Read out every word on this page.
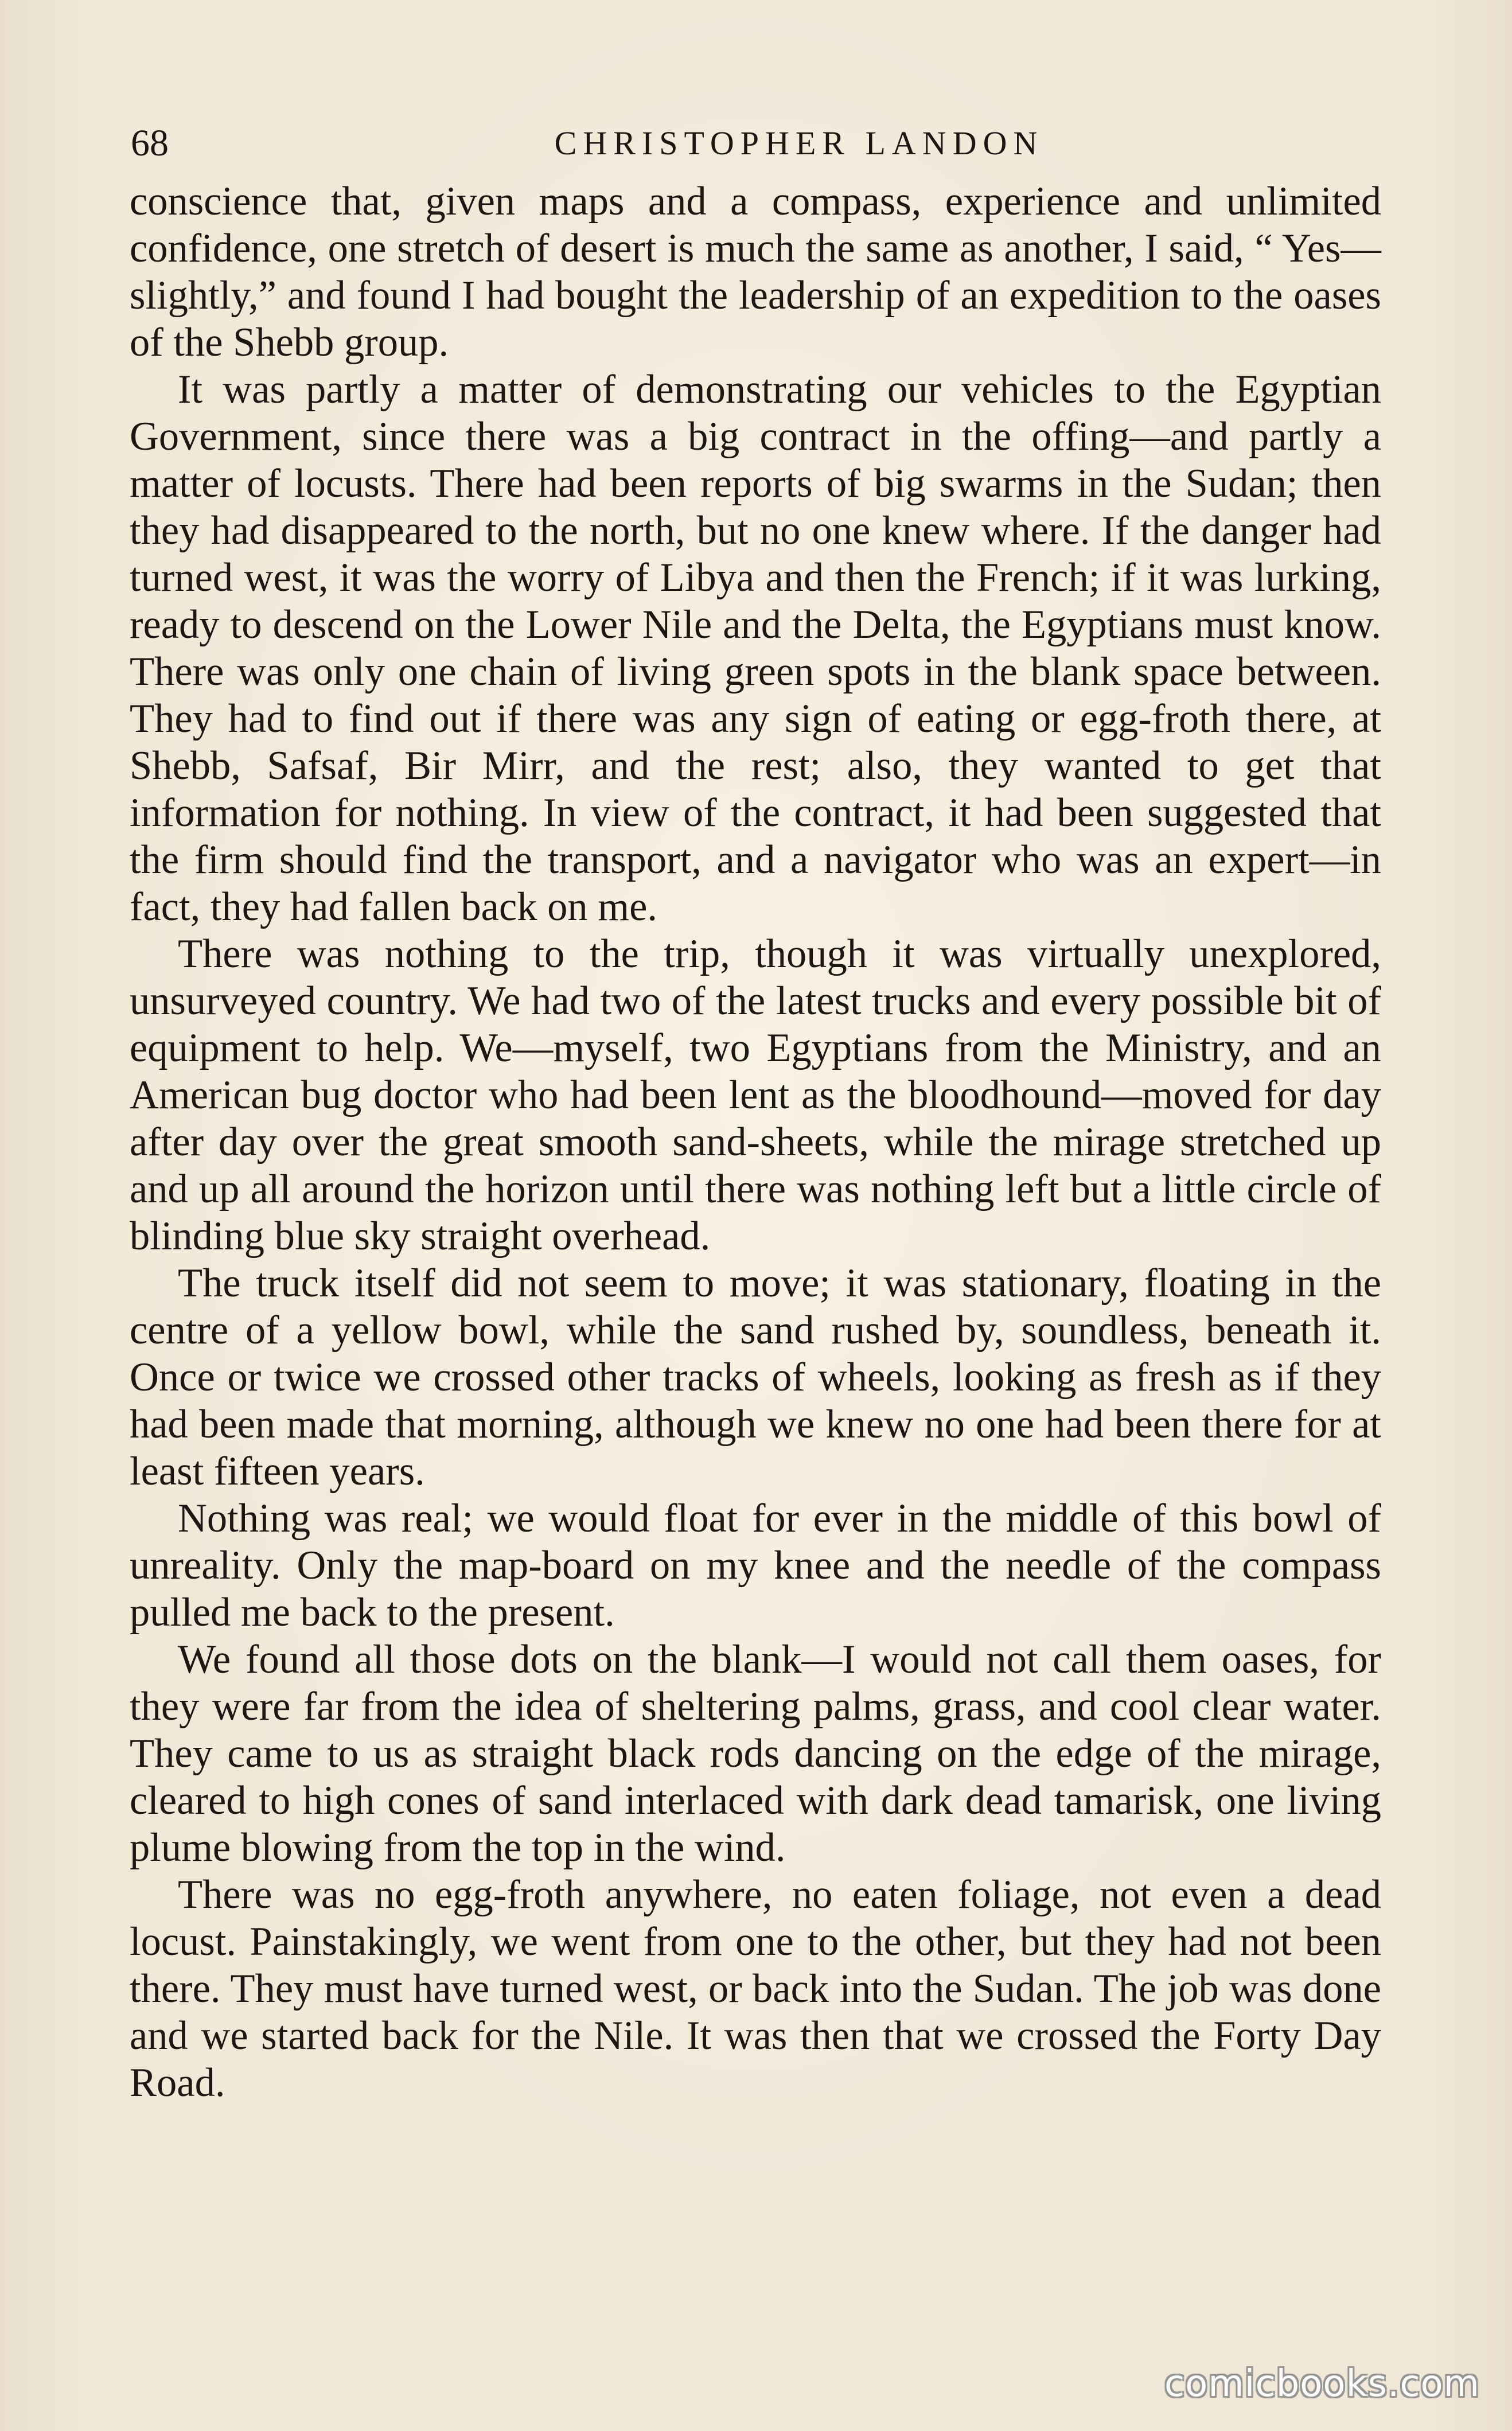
68	CHRISTOPHER LANDON

conscience that, given maps and a compass, experience and unlimited confidence, one stretch of desert is much the same as another, I said, “ Yes—slightly,” and found I had bought the leadership of an expedition to the oases of the Shebb group.

It was partly a matter of demonstrating our vehicles to the Egyptian Government, since there was a big contract in the offing—and partly a matter of locusts. There had been reports of big swarms in the Sudan; then they had disappeared to the north, but no one knew where. If the danger had turned west, it was the worry of Libya and then the French; if it was lurking, ready to descend on the Lower Nile and the Delta, the Egyptians must know. There was only one chain of living green spots in the blank space between. They had to find out if there was any sign of eating or egg-froth there, at Shebb, Safsaf, Bir Mirr, and the rest; also, they wanted to get that information for nothing. In view of the contract, it had been suggested that the firm should find the transport, and a navigator who was an expert—in fact, they had fallen back on me.

There was nothing to the trip, though it was virtually unexplored, unsurveyed country. We had two of the latest trucks and every possible bit of equipment to help. We—myself, two Egyptians from the Ministry, and an American bug doctor who had been lent as the bloodhound—moved for day after day over the great smooth sand-sheets, while the mirage stretched up and up all around the horizon until there was nothing left but a little circle of blinding blue sky straight overhead.

The truck itself did not seem to move; it was stationary, floating in the centre of a yellow bowl, while the sand rushed by, soundless, beneath it. Once or twice we crossed other tracks of wheels, looking as fresh as if they had been made that morning, although we knew no one had been there for at least fifteen years.

Nothing was real; we would float for ever in the middle of this bowl of unreality. Only the map-board on my knee and the needle of the compass pulled me back to the present.

We found all those dots on the blank—I would not call them oases, for they were far from the idea of sheltering palms, grass, and cool clear water. They came to us as straight black rods dancing on the edge of the mirage, cleared to high cones of sand interlaced with dark dead tamarisk, one living plume blowing from the top in the wind.

There was no egg-froth anywhere, no eaten foliage, not even a dead locust. Painstakingly, we went from one to the other, but they had not been there. They must have turned west, or back into the Sudan. The job was done and we started back for the Nile. It was then that we crossed the Forty Day Road.

comicbooks.com
